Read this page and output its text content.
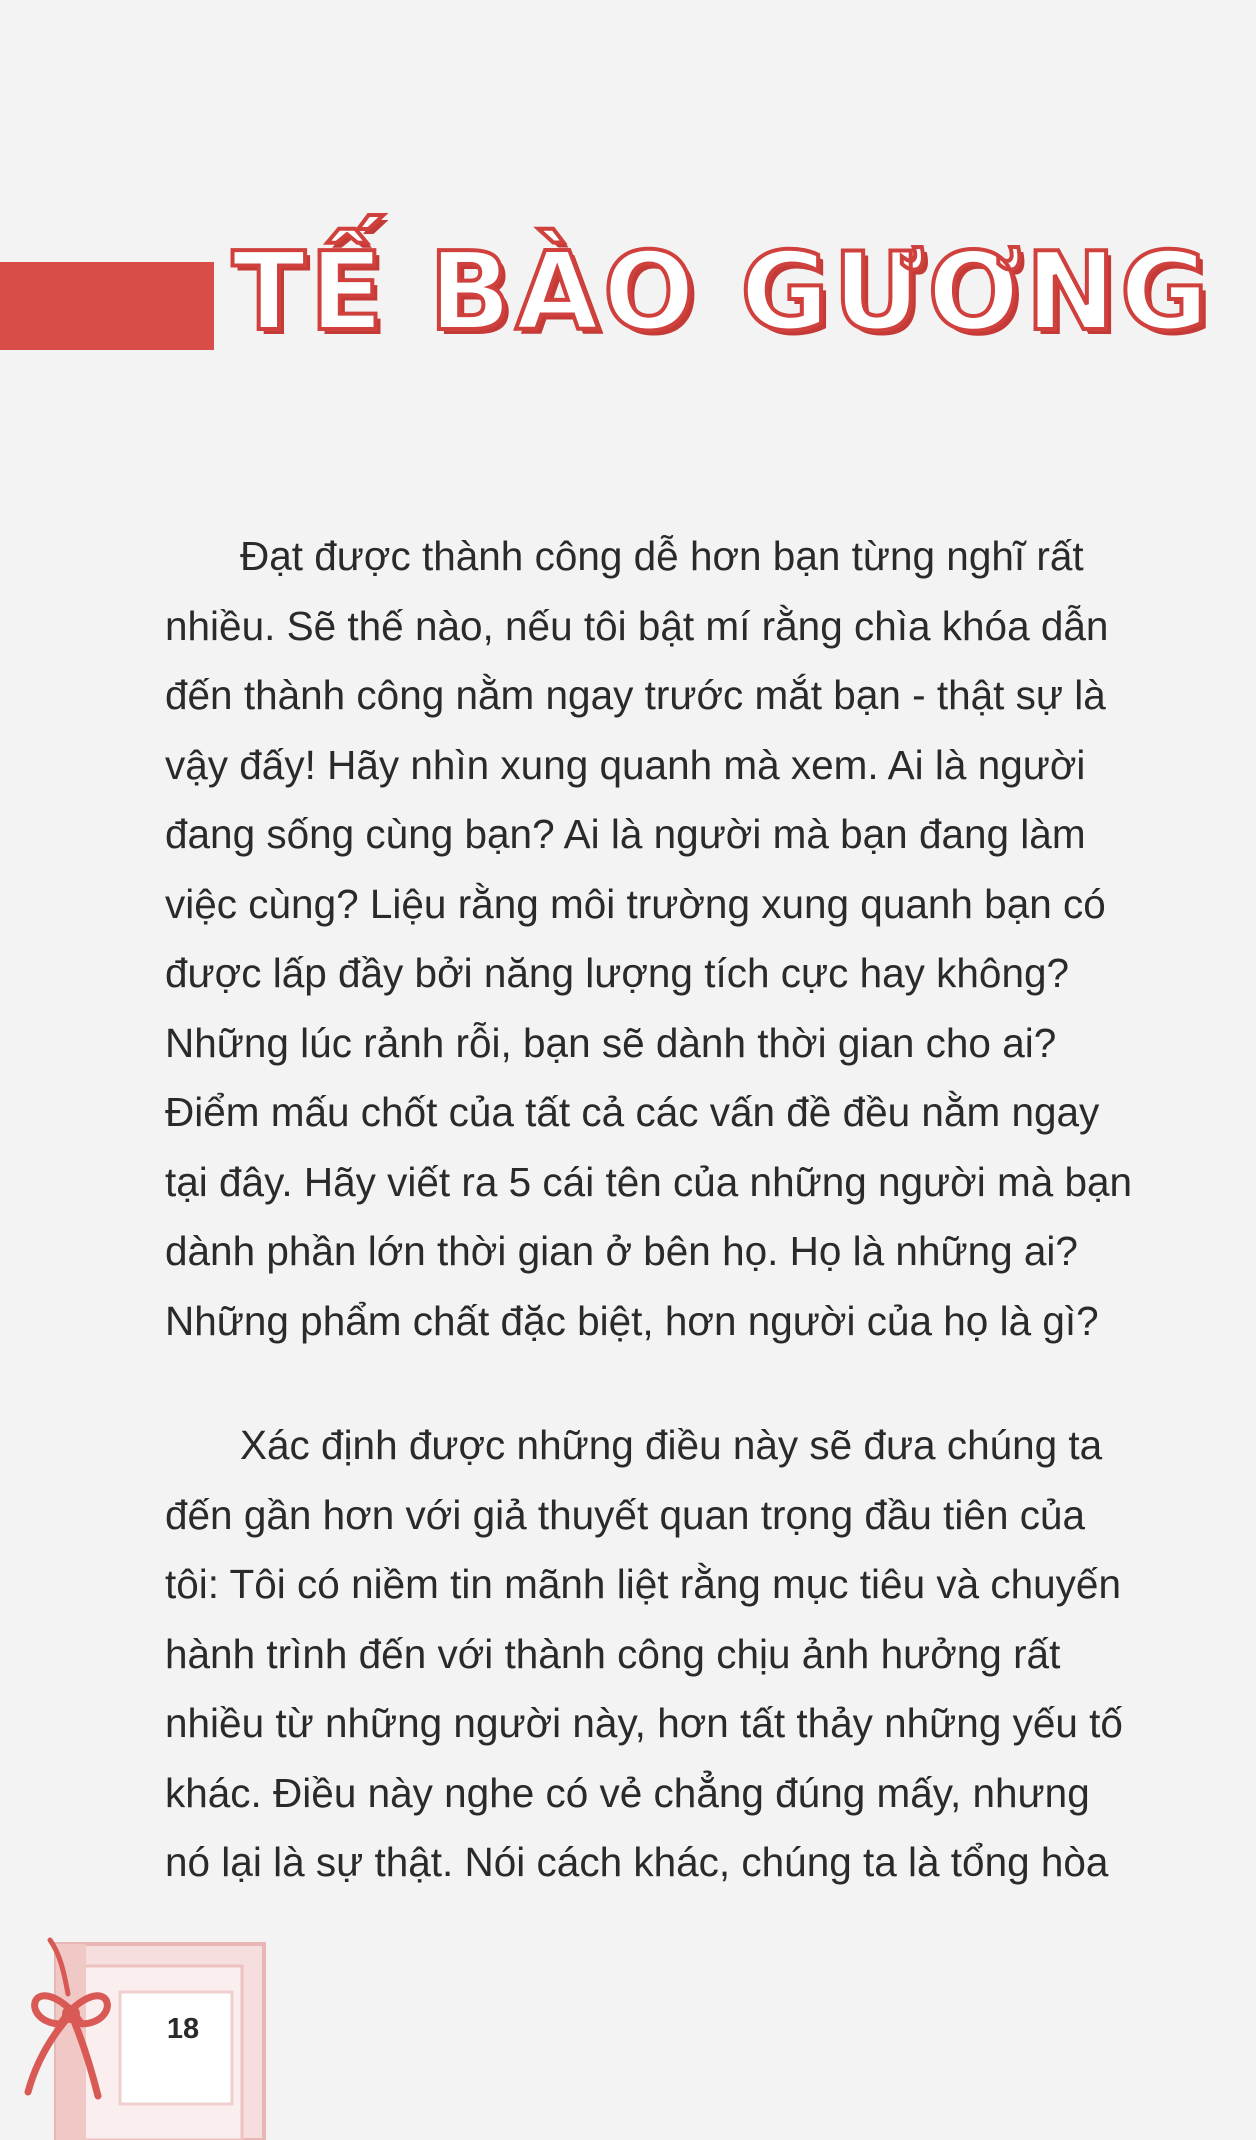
TẾ BÀO GƯƠNG
Đạt được thành công dễ hơn bạn từng nghĩ rất
nhiều. Sẽ thế nào, nếu tôi bật mí rằng chìa khóa dẫn
đến thành công nằm ngay trước mắt bạn - thật sự là
vậy đấy! Hãy nhìn xung quanh mà xem. Ai là người
đang sống cùng bạn? Ai là người mà bạn đang làm
việc cùng? Liệu rằng môi trường xung quanh bạn có
được lấp đầy bởi năng lượng tích cực hay không?
Những lúc rảnh rỗi, bạn sẽ dành thời gian cho ai?
Điểm mấu chốt của tất cả các vấn đề đều nằm ngay
tại đây. Hãy viết ra 5 cái tên của những người mà bạn
dành phần lớn thời gian ở bên họ. Họ là những ai?
Những phẩm chất đặc biệt, hơn người của họ là gì?
Xác định được những điều này sẽ đưa chúng ta
đến gần hơn với giả thuyết quan trọng đầu tiên của
tôi: Tôi có niềm tin mãnh liệt rằng mục tiêu và chuyến
hành trình đến với thành công chịu ảnh hưởng rất
nhiều từ những người này, hơn tất thảy những yếu tố
khác. Điều này nghe có vẻ chẳng đúng mấy, nhưng
nó lại là sự thật. Nói cách khác, chúng ta là tổng hòa
18
